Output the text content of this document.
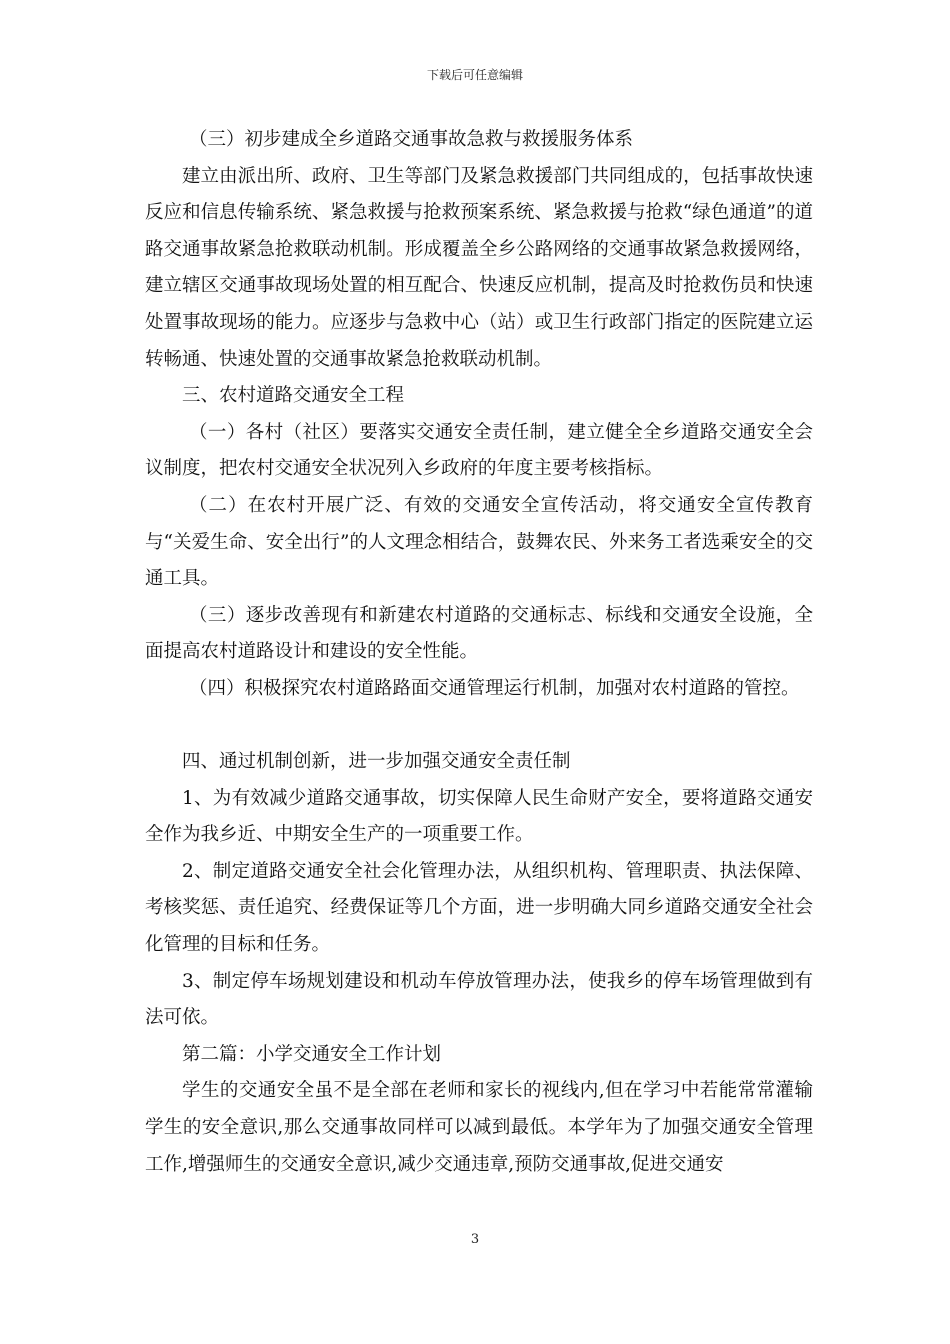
下载后可任意编辑

（三）初步建成全乡道路交通事故急救与救援服务体系

建立由派出所、政府、卫生等部门及紧急救援部门共同组成的，包括事故快速反应和信息传输系统、紧急救援与抢救预案系统、紧急救援与抢救“绿色通道”的道路交通事故紧急抢救联动机制。形成覆盖全乡公路网络的交通事故紧急救援网络，建立辖区交通事故现场处置的相互配合、快速反应机制，提高及时抢救伤员和快速处置事故现场的能力。应逐步与急救中心（站）或卫生行政部门指定的医院建立运转畅通、快速处置的交通事故紧急抢救联动机制。

三、农村道路交通安全工程

（一）各村（社区）要落实交通安全责任制，建立健全全乡道路交通安全会议制度，把农村交通安全状况列入乡政府的年度主要考核指标。

（二）在农村开展广泛、有效的交通安全宣传活动，将交通安全宣传教育与“关爱生命、安全出行”的人文理念相结合，鼓舞农民、外来务工者选乘安全的交通工具。

（三）逐步改善现有和新建农村道路的交通标志、标线和交通安全设施，全面提高农村道路设计和建设的安全性能。

（四）积极探究农村道路路面交通管理运行机制，加强对农村道路的管控。

四、通过机制创新，进一步加强交通安全责任制

1、为有效减少道路交通事故，切实保障人民生命财产安全，要将道路交通安全作为我乡近、中期安全生产的一项重要工作。

2、制定道路交通安全社会化管理办法，从组织机构、管理职责、执法保障、考核奖惩、责任追究、经费保证等几个方面，进一步明确大同乡道路交通安全社会化管理的目标和任务。

3、制定停车场规划建设和机动车停放管理办法，使我乡的停车场管理做到有法可依。

第二篇：小学交通安全工作计划

学生的交通安全虽不是全部在老师和家长的视线内,但在学习中若能常常灌输学生的安全意识,那么交通事故同样可以减到最低。本学年为了加强交通安全管理工作,增强师生的交通安全意识,减少交通违章,预防交通事故,促进交通安

3
